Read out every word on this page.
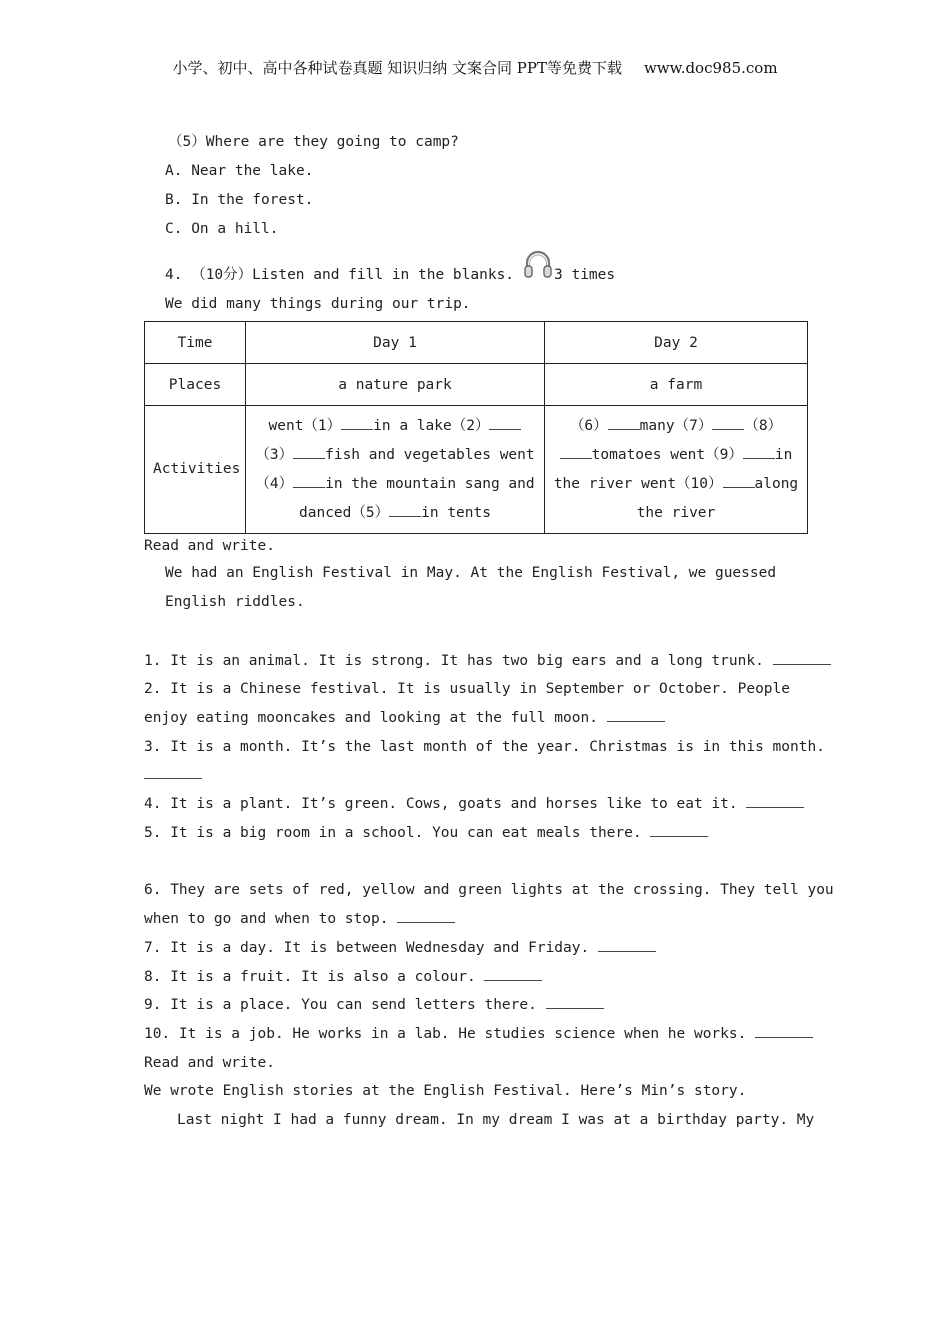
小学、初中、高中各种试卷真题 知识归纳 文案合同 PPT等免费下载 www.doc985.com
（5）Where are they going to camp?
A. Near the lake.
B. In the forest.
C. On a hill.
4. （10分）Listen and fill in the blanks.	3 times
We did many things during our trip.
Time	Day 1	Day 2
Places	a nature park	a farm
Activities	went（1） in a lake（2） （3） fish and vegetables went （4） in the mountain sang and danced（5） in tents	（6） many（7） （8） tomatoes went（9） in the river went（10） along the river
Read and write.
We had an English Festival in May. At the English Festival, we guessed English riddles.
1. It is an animal. It is strong. It has two big ears and a long trunk.
2. It is a Chinese festival. It is usually in September or October. People
enjoy eating mooncakes and looking at the full moon.
3. It is a month. It’s the last month of the year. Christmas is in this month.
4. It is a plant. It’s green. Cows, goats and horses like to eat it.
5. It is a big room in a school. You can eat meals there.
6. They are sets of red, yellow and green lights at the crossing. They tell you
when to go and when to stop.
7. It is a day. It is between Wednesday and Friday.
8. It is a fruit. It is also a colour.
9. It is a place. You can send letters there.
10. It is a job. He works in a lab. He studies science when he works.
Read and write.
We wrote English stories at the English Festival. Here’s Min’s story.
Last night I had a funny dream. In my dream I was at a birthday party. My
